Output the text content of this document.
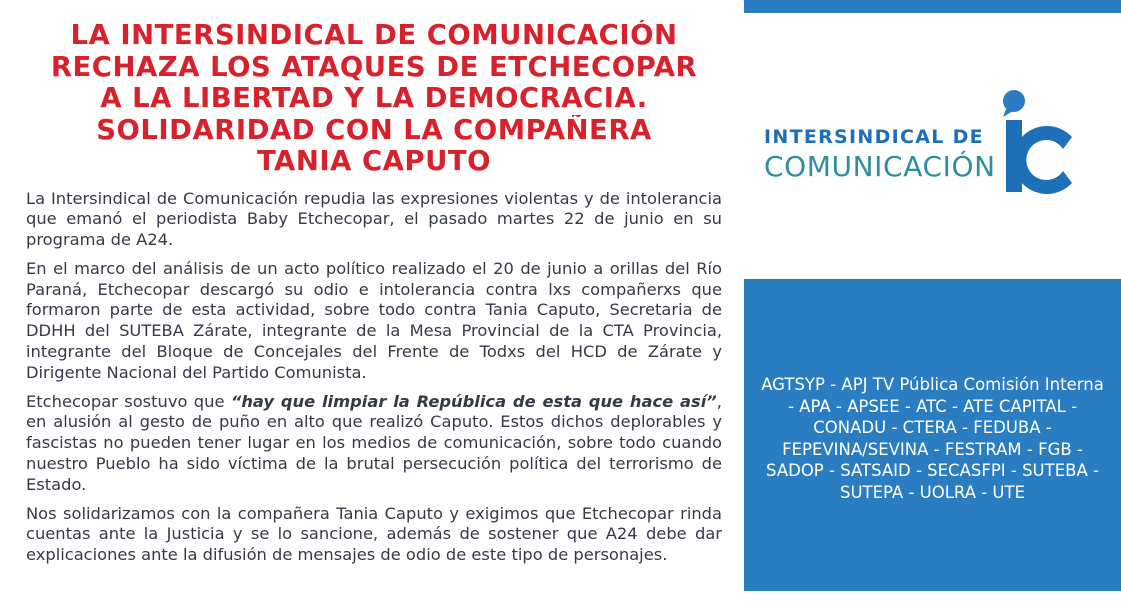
LA INTERSINDICAL DE COMUNICACIÓN
RECHAZA LOS ATAQUES DE ETCHECOPAR
A LA LIBERTAD Y LA DEMOCRACIA.
SOLIDARIDAD CON LA COMPAÑERA
TANIA CAPUTO

La Intersindical de Comunicación repudia las expresiones violentas y de intolerancia que emanó el periodista Baby Etchecopar, el pasado martes 22 de junio en su programa de A24.

En el marco del análisis de un acto político realizado el 20 de junio a orillas del Río Paraná, Etchecopar descargó su odio e intolerancia contra lxs compañerxs que formaron parte de esta actividad, sobre todo contra Tania Caputo, Secretaria de DDHH del SUTEBA Zárate, integrante de la Mesa Provincial de la CTA Provincia, integrante del Bloque de Concejales del Frente de Todxs del HCD de Zárate y Dirigente Nacional del Partido Comunista.

Etchecopar sostuvo que “hay que limpiar la República de esta que hace así”, en alusión al gesto de puño en alto que realizó Caputo. Estos dichos deplorables y fascistas no pueden tener lugar en los medios de comunicación, sobre todo cuando nuestro Pueblo ha sido víctima de la brutal persecución política del terrorismo de Estado.

Nos solidarizamos con la compañera Tania Caputo y exigimos que Etchecopar rinda cuentas ante la Justicia y se lo sancione, además de sostener que A24 debe dar explicaciones ante la difusión de mensajes de odio de este tipo de personajes.

INTERSINDICAL DE
COMUNICACIÓN
AGTSYP - APJ TV Pública Comisión Interna - APA - APSEE - ATC - ATE CAPITAL - CONADU - CTERA - FEDUBA - FEPEVINA/SEVINA - FESTRAM - FGB - SADOP - SATSAID - SECASFPI - SUTEBA - SUTEPA - UOLRA - UTE
